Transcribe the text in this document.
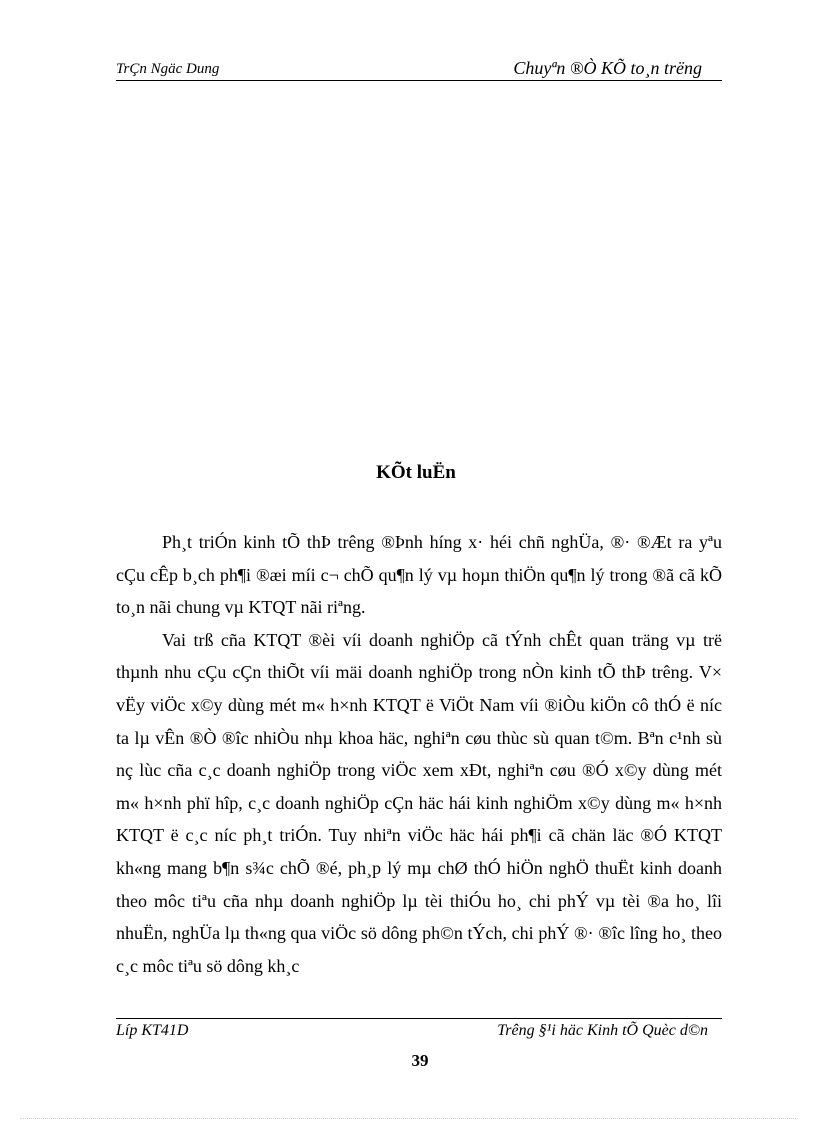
TrÇn Ngäc Dung	Chuyªn ®Ò KÕ to¸n trëng
KÕt luËn

Ph¸t triÓn kinh tÕ thÞ trêng ®Þnh híng x· héi chñ nghÜa, ®· ®Æt ra yªu cÇu cÊp b¸ch ph¶i ®æi míi c¬ chÕ qu¶n lý vµ hoµn thiÖn qu¶n lý trong ®ã cã kÕ to¸n nãi chung vµ KTQT nãi riªng.

Vai trß cña KTQT ®èi víi doanh nghiÖp cã tÝnh chÊt quan träng vµ trë thµnh nhu cÇu cÇn thiÕt víi mäi doanh nghiÖp trong nÒn kinh tÕ thÞ trêng. V× vËy viÖc x©y dùng mét m« h×nh KTQT ë ViÖt Nam víi ®iÒu kiÖn cô thÓ ë níc ta lµ vÊn ®Ò ®îc nhiÒu nhµ khoa häc, nghiªn cøu thùc sù quan t©m. Bªn c¹nh sù nç lùc cña c¸c doanh nghiÖp trong viÖc xem xÐt, nghiªn cøu ®Ó x©y dùng mét m« h×nh phï hîp, c¸c doanh nghiÖp cÇn häc hái kinh nghiÖm x©y dùng m« h×nh KTQT ë c¸c níc ph¸t triÓn. Tuy nhiªn viÖc häc hái ph¶i cã chän läc ®Ó KTQT kh«ng mang b¶n s¾c chÕ ®é, ph¸p lý mµ chØ thÓ hiÖn nghÖ thuËt kinh doanh theo môc tiªu cña nhµ doanh nghiÖp lµ tèi thiÓu ho¸ chi phÝ vµ tèi ®a ho¸ lîi nhuËn, nghÜa lµ th«ng qua viÖc sö dông ph©n tÝch, chi phÝ ®· ®îc lîng ho¸ theo c¸c môc tiªu sö dông kh¸c

Líp KT41D	Trêng §¹i häc Kinh tÕ Quèc d©n
39
